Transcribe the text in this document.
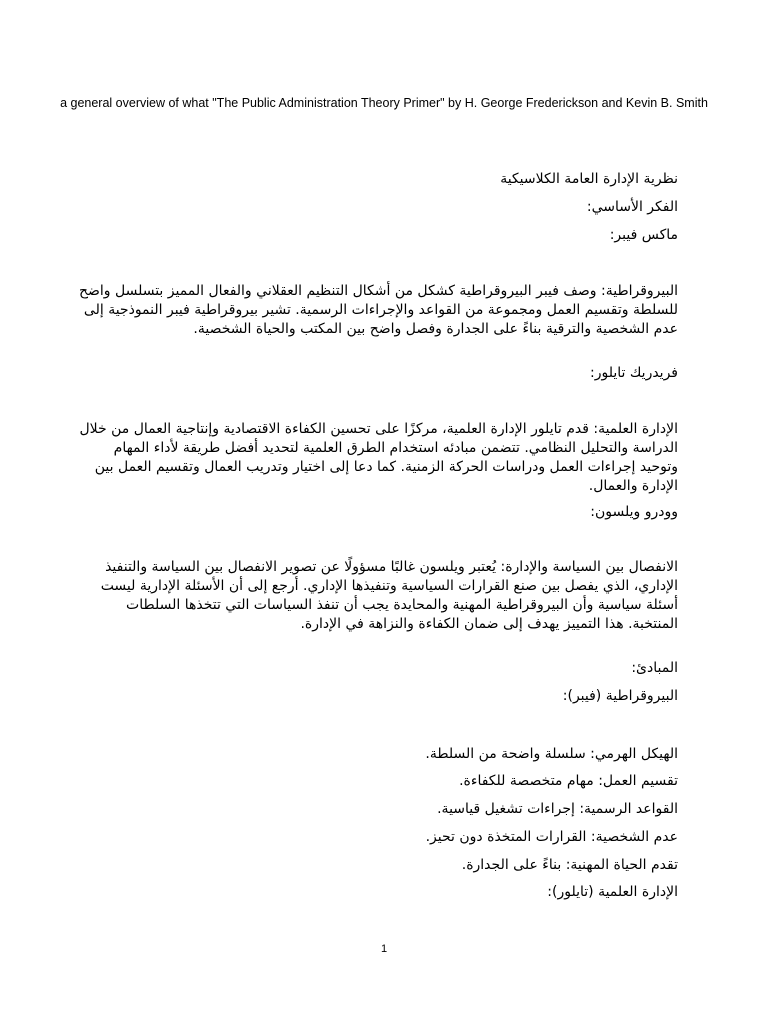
a general overview of what "The Public Administration Theory Primer" by H. George Frederickson and Kevin B. Smith

نظرية الإدارة العامة الكلاسيكية

الفكر الأساسي:

ماكس فيبر:

البيروقراطية: وصف فيبر البيروقراطية كشكل من أشكال التنظيم العقلاني والفعال المميز بتسلسل واضح للسلطة وتقسيم العمل ومجموعة من القواعد والإجراءات الرسمية. تشير بيروقراطية فيبر النموذجية إلى عدم الشخصية والترقية بناءً على الجدارة وفصل واضح بين المكتب والحياة الشخصية.

فريدريك تايلور:

الإدارة العلمية: قدم تايلور الإدارة العلمية، مركزًا على تحسين الكفاءة الاقتصادية وإنتاجية العمال من خلال الدراسة والتحليل النظامي. تتضمن مبادئه استخدام الطرق العلمية لتحديد أفضل طريقة لأداء المهام وتوحيد إجراءات العمل ودراسات الحركة الزمنية. كما دعا إلى اختيار وتدريب العمال وتقسيم العمل بين الإدارة والعمال.

وودرو ويلسون:

الانفصال بين السياسة والإدارة: يُعتبر ويلسون غالبًا مسؤولًا عن تصوير الانفصال بين السياسة والتنفيذ الإداري، الذي يفصل بين صنع القرارات السياسية وتنفيذها الإداري. أرجع إلى أن الأسئلة الإدارية ليست أسئلة سياسية وأن البيروقراطية المهنية والمحايدة يجب أن تنفذ السياسات التي تتخذها السلطات المنتخبة. هذا التمييز يهدف إلى ضمان الكفاءة والنزاهة في الإدارة.

المبادئ:

البيروقراطية (فيبر):

الهيكل الهرمي: سلسلة واضحة من السلطة.

تقسيم العمل: مهام متخصصة للكفاءة.

القواعد الرسمية: إجراءات تشغيل قياسية.

عدم الشخصية: القرارات المتخذة دون تحيز.

تقدم الحياة المهنية: بناءً على الجدارة.

الإدارة العلمية (تايلور):

1
